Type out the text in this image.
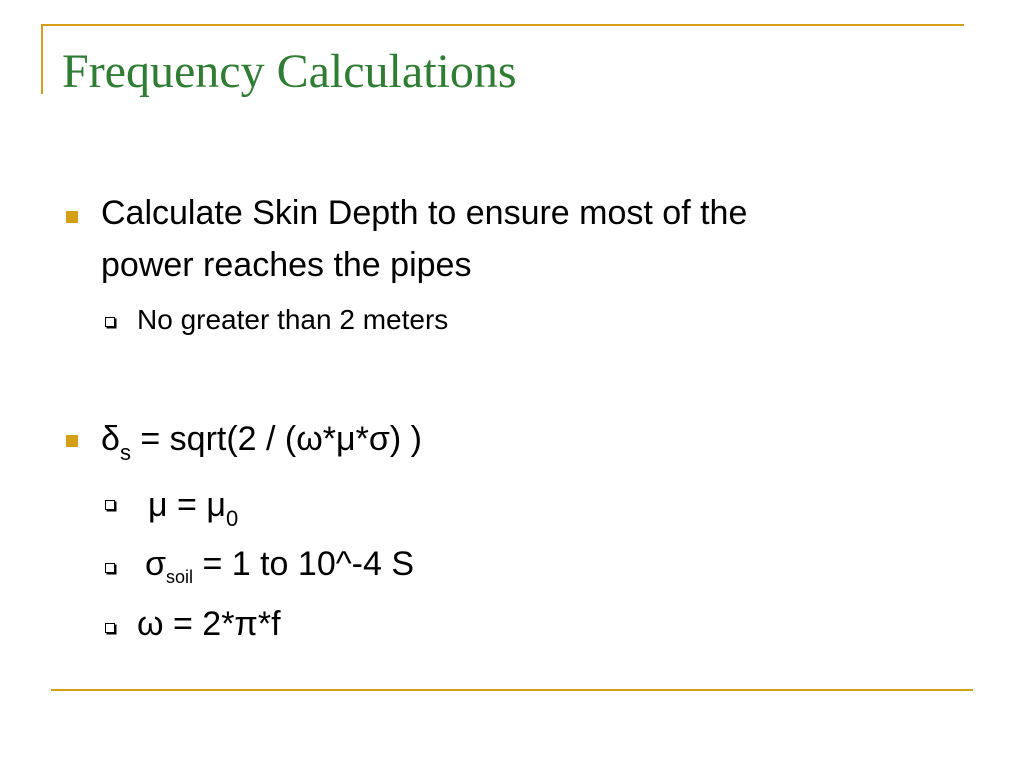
Frequency Calculations
Calculate Skin Depth to ensure most of the
power reaches the pipes
No greater than 2 meters
$\delta_s$ = sqrt(2 / (ω*μ*σ) )
$\mu = \mu_0$
$\sigma_{soil} = 1$ to 10^-4 S
ω = 2*π*f
